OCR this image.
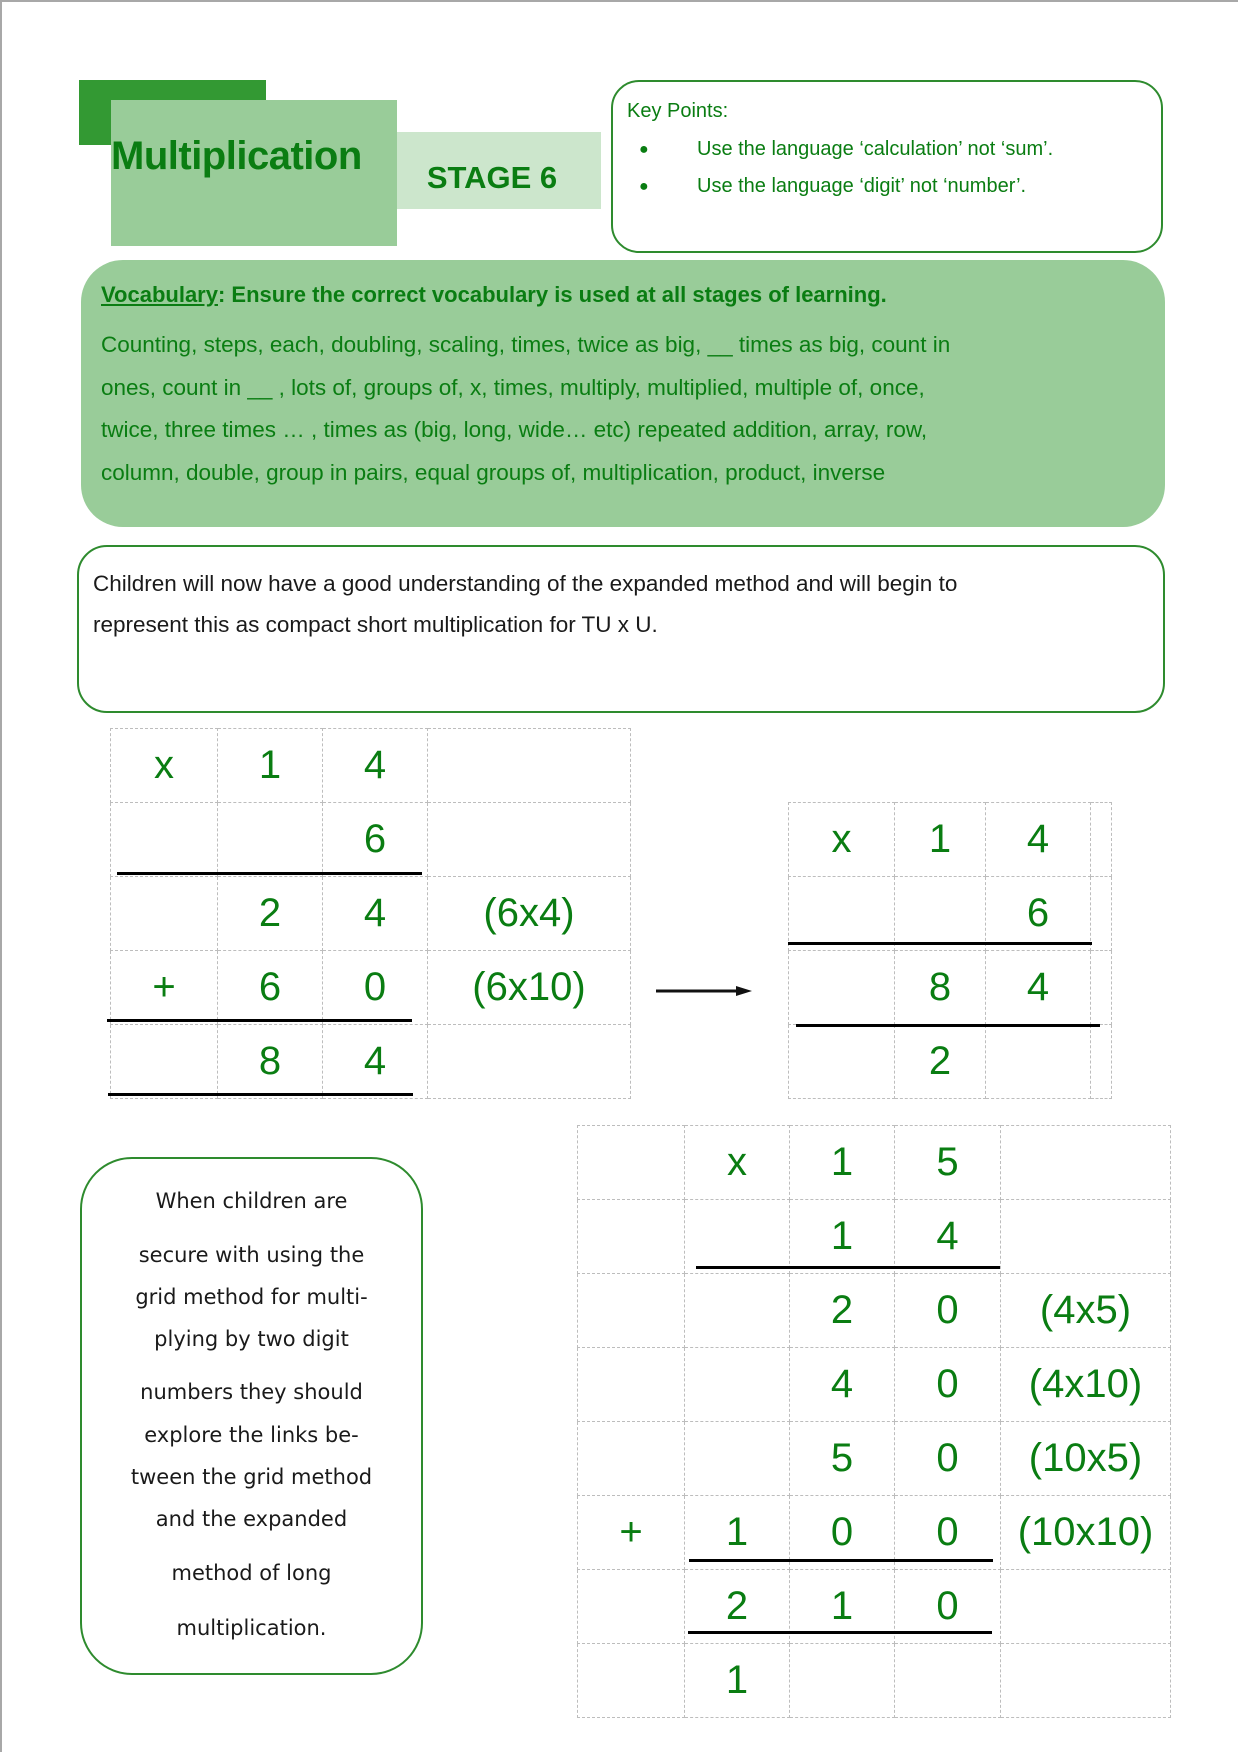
Multiplication	STAGE 6
Key Points:
●	Use the language ‘calculation’ not ‘sum’.
●	Use the language ‘digit’ not ‘number’.
Vocabulary: Ensure the correct vocabulary is used at all stages of learning.
Counting, steps, each, doubling, scaling, times, twice as big, __ times as big, count in
ones, count in __ , lots of, groups of, x, times, multiply, multiplied, multiple of, once,
twice, three times … , times as (big, long, wide… etc) repeated addition, array, row,
column, double, group in pairs, equal groups of, multiplication, product, inverse
Children will now have a good understanding of the expanded method and will begin to
represent this as compact short multiplication for TU x U.
x	1	4	
		6	
	2	4	(6x4)
+	6	0	(6x10)
	8	4	
x	1	4	
		6	
	8	4	
	2		
When children are
secure with using the
grid method for multi-
plying by two digit
numbers they should
explore the links be-
tween the grid method
and the expanded
method of long
multiplication.
	x	1	5	
		1	4	
		2	0	(4x5)
		4	0	(4x10)
		5	0	(10x5)
+	1	0	0	(10x10)
	2	1	0	
	1			
